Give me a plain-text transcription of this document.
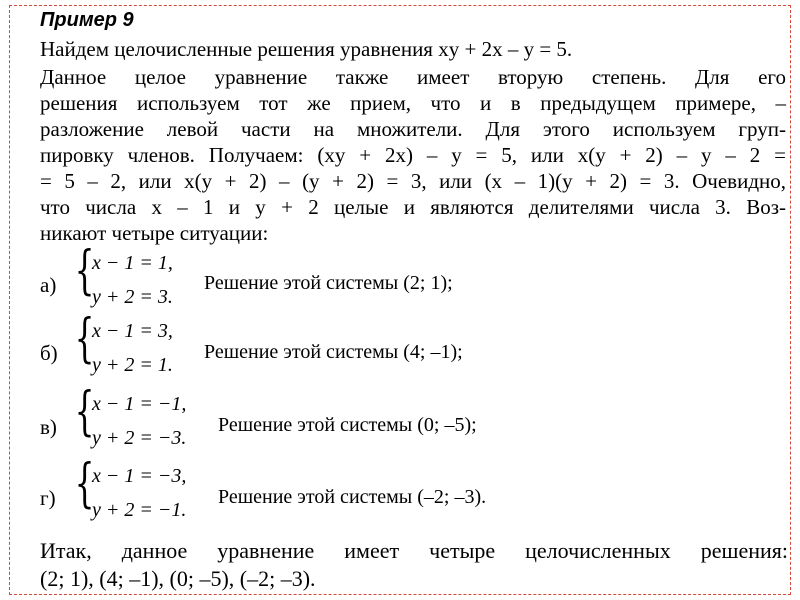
Пример 9
Найдем целочисленные решения уравнения xy + 2x – y = 5.
Данное целое уравнение также имеет вторую степень. Для его
решения используем тот же прием, что и в предыдущем примере, –
разложение левой части на множители. Для этого используем груп-
пировку членов. Получаем: (xy + 2x) – y = 5, или x(y + 2) – y – 2 =
= 5 – 2, или x(y + 2) – (y + 2) = 3, или (x – 1)(y + 2) = 3. Очевидно,
что числа x – 1 и y + 2 целые и являются делителями числа 3. Воз-
никают четыре ситуации:
а) {
x − 1 = 1,
y + 2 = 3.
Решение этой системы (2; 1);
б) {
x − 1 = 3,
y + 2 = 1.
Решение этой системы (4; –1);
в) {
x − 1 = −1,
y + 2 = −3.
Решение этой системы (0; –5);
г) {
x − 1 = −3,
y + 2 = −1.
Решение этой системы (–2; –3).
Итак, данное уравнение имеет четыре целочисленных решения:
(2; 1), (4; –1), (0; –5), (–2; –3).
